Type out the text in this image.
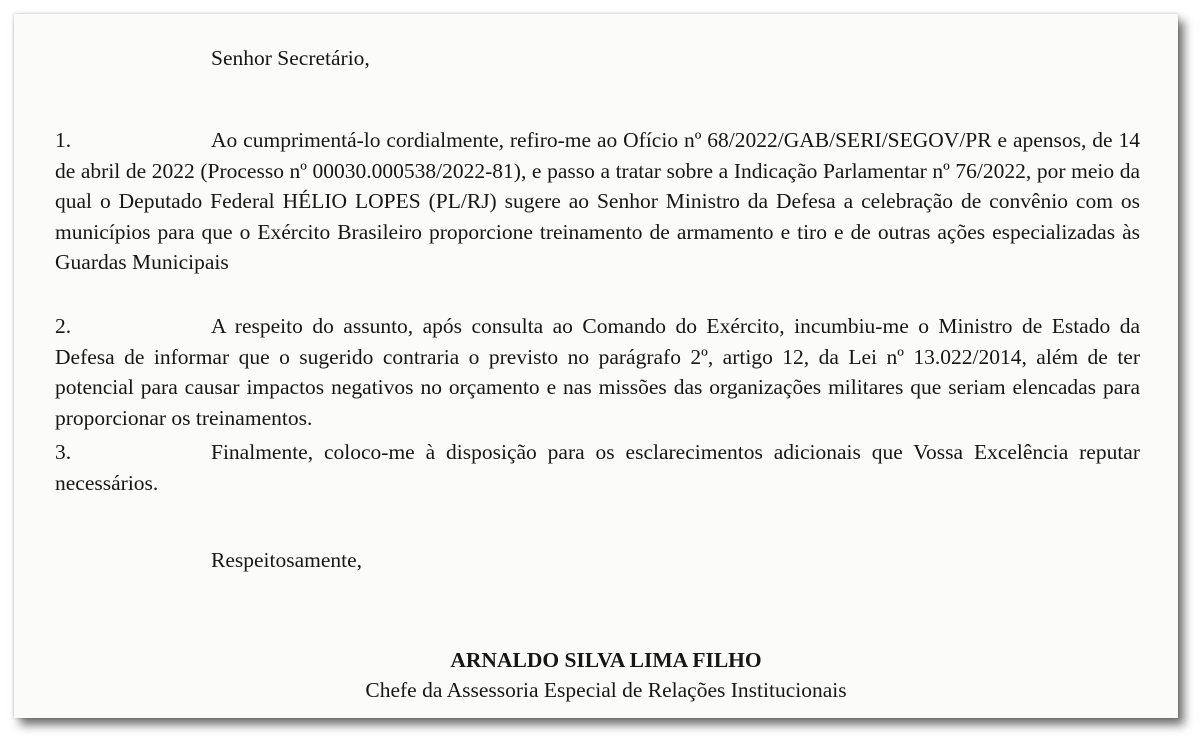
Senhor Secretário,
1.	Ao cumprimentá-lo cordialmente, refiro-me ao Ofício nº 68/2022/GAB/SERI/SEGOV/PR e apensos, de 14 de abril de 2022 (Processo nº 00030.000538/2022-81), e passo a tratar sobre a Indicação Parlamentar nº 76/2022, por meio da qual o Deputado Federal HÉLIO LOPES (PL/RJ) sugere ao Senhor Ministro da Defesa a celebração de convênio com os municípios para que o Exército Brasileiro proporcione treinamento de armamento e tiro e de outras ações especializadas às Guardas Municipais
2.	A respeito do assunto, após consulta ao Comando do Exército, incumbiu-me o Ministro de Estado da Defesa de informar que o sugerido contraria o previsto no parágrafo 2º, artigo 12, da Lei nº 13.022/2014, além de ter potencial para causar impactos negativos no orçamento e nas missões das organizações militares que seriam elencadas para proporcionar os treinamentos.
3.	Finalmente, coloco-me à disposição para os esclarecimentos adicionais que Vossa Excelência reputar necessários.
Respeitosamente,
ARNALDO SILVA LIMA FILHO
Chefe da Assessoria Especial de Relações Institucionais
